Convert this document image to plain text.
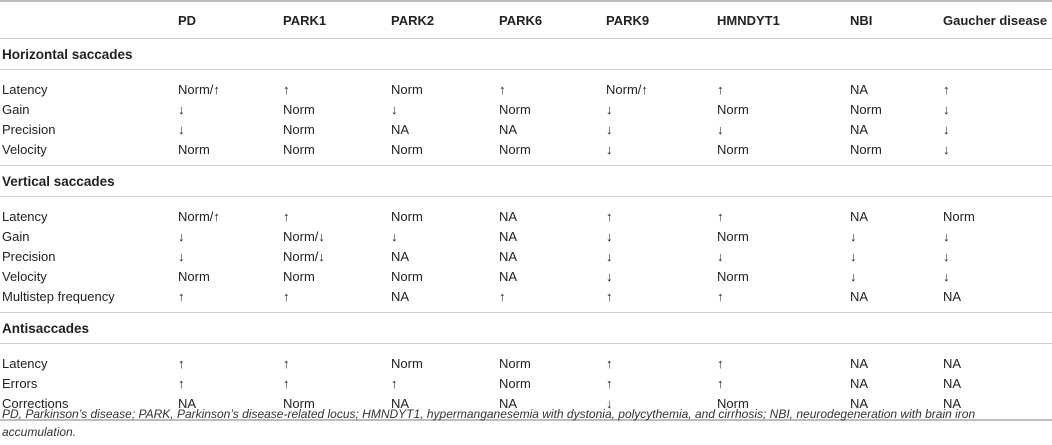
	PD	PARK1	PARK2	PARK6	PARK9	HMNDYT1	NBI	Gaucher disease
Horizontal saccades								
Latency	Norm/↑	↑	Norm	↑	Norm/↑	↑	NA	↑
Gain	↓	Norm	↓	Norm	↓	Norm	Norm	↓
Precision	↓	Norm	NA	NA	↓	↓	NA	↓
Velocity	Norm	Norm	Norm	Norm	↓	Norm	Norm	↓
Vertical saccades								
Latency	Norm/↑	↑	Norm	NA	↑	↑	NA	Norm
Gain	↓	Norm/↓	↓	NA	↓	Norm	↓	↓
Precision	↓	Norm/↓	NA	NA	↓	↓	↓	↓
Velocity	Norm	Norm	Norm	NA	↓	Norm	↓	↓
Multistep frequency	↑	↑	NA	↑	↑	↑	NA	NA
Antisaccades								
Latency	↑	↑	Norm	Norm	↑	↑	NA	NA
Errors	↑	↑	↑	Norm	↑	↑	NA	NA
Corrections	NA	Norm	NA	NA	↓	Norm	NA	NA
PD, Parkinson’s disease; PARK, Parkinson’s disease-related locus; HMNDYT1, hypermanganesemia with dystonia, polycythemia, and cirrhosis; NBI, neurodegeneration with brain iron accumulation.
